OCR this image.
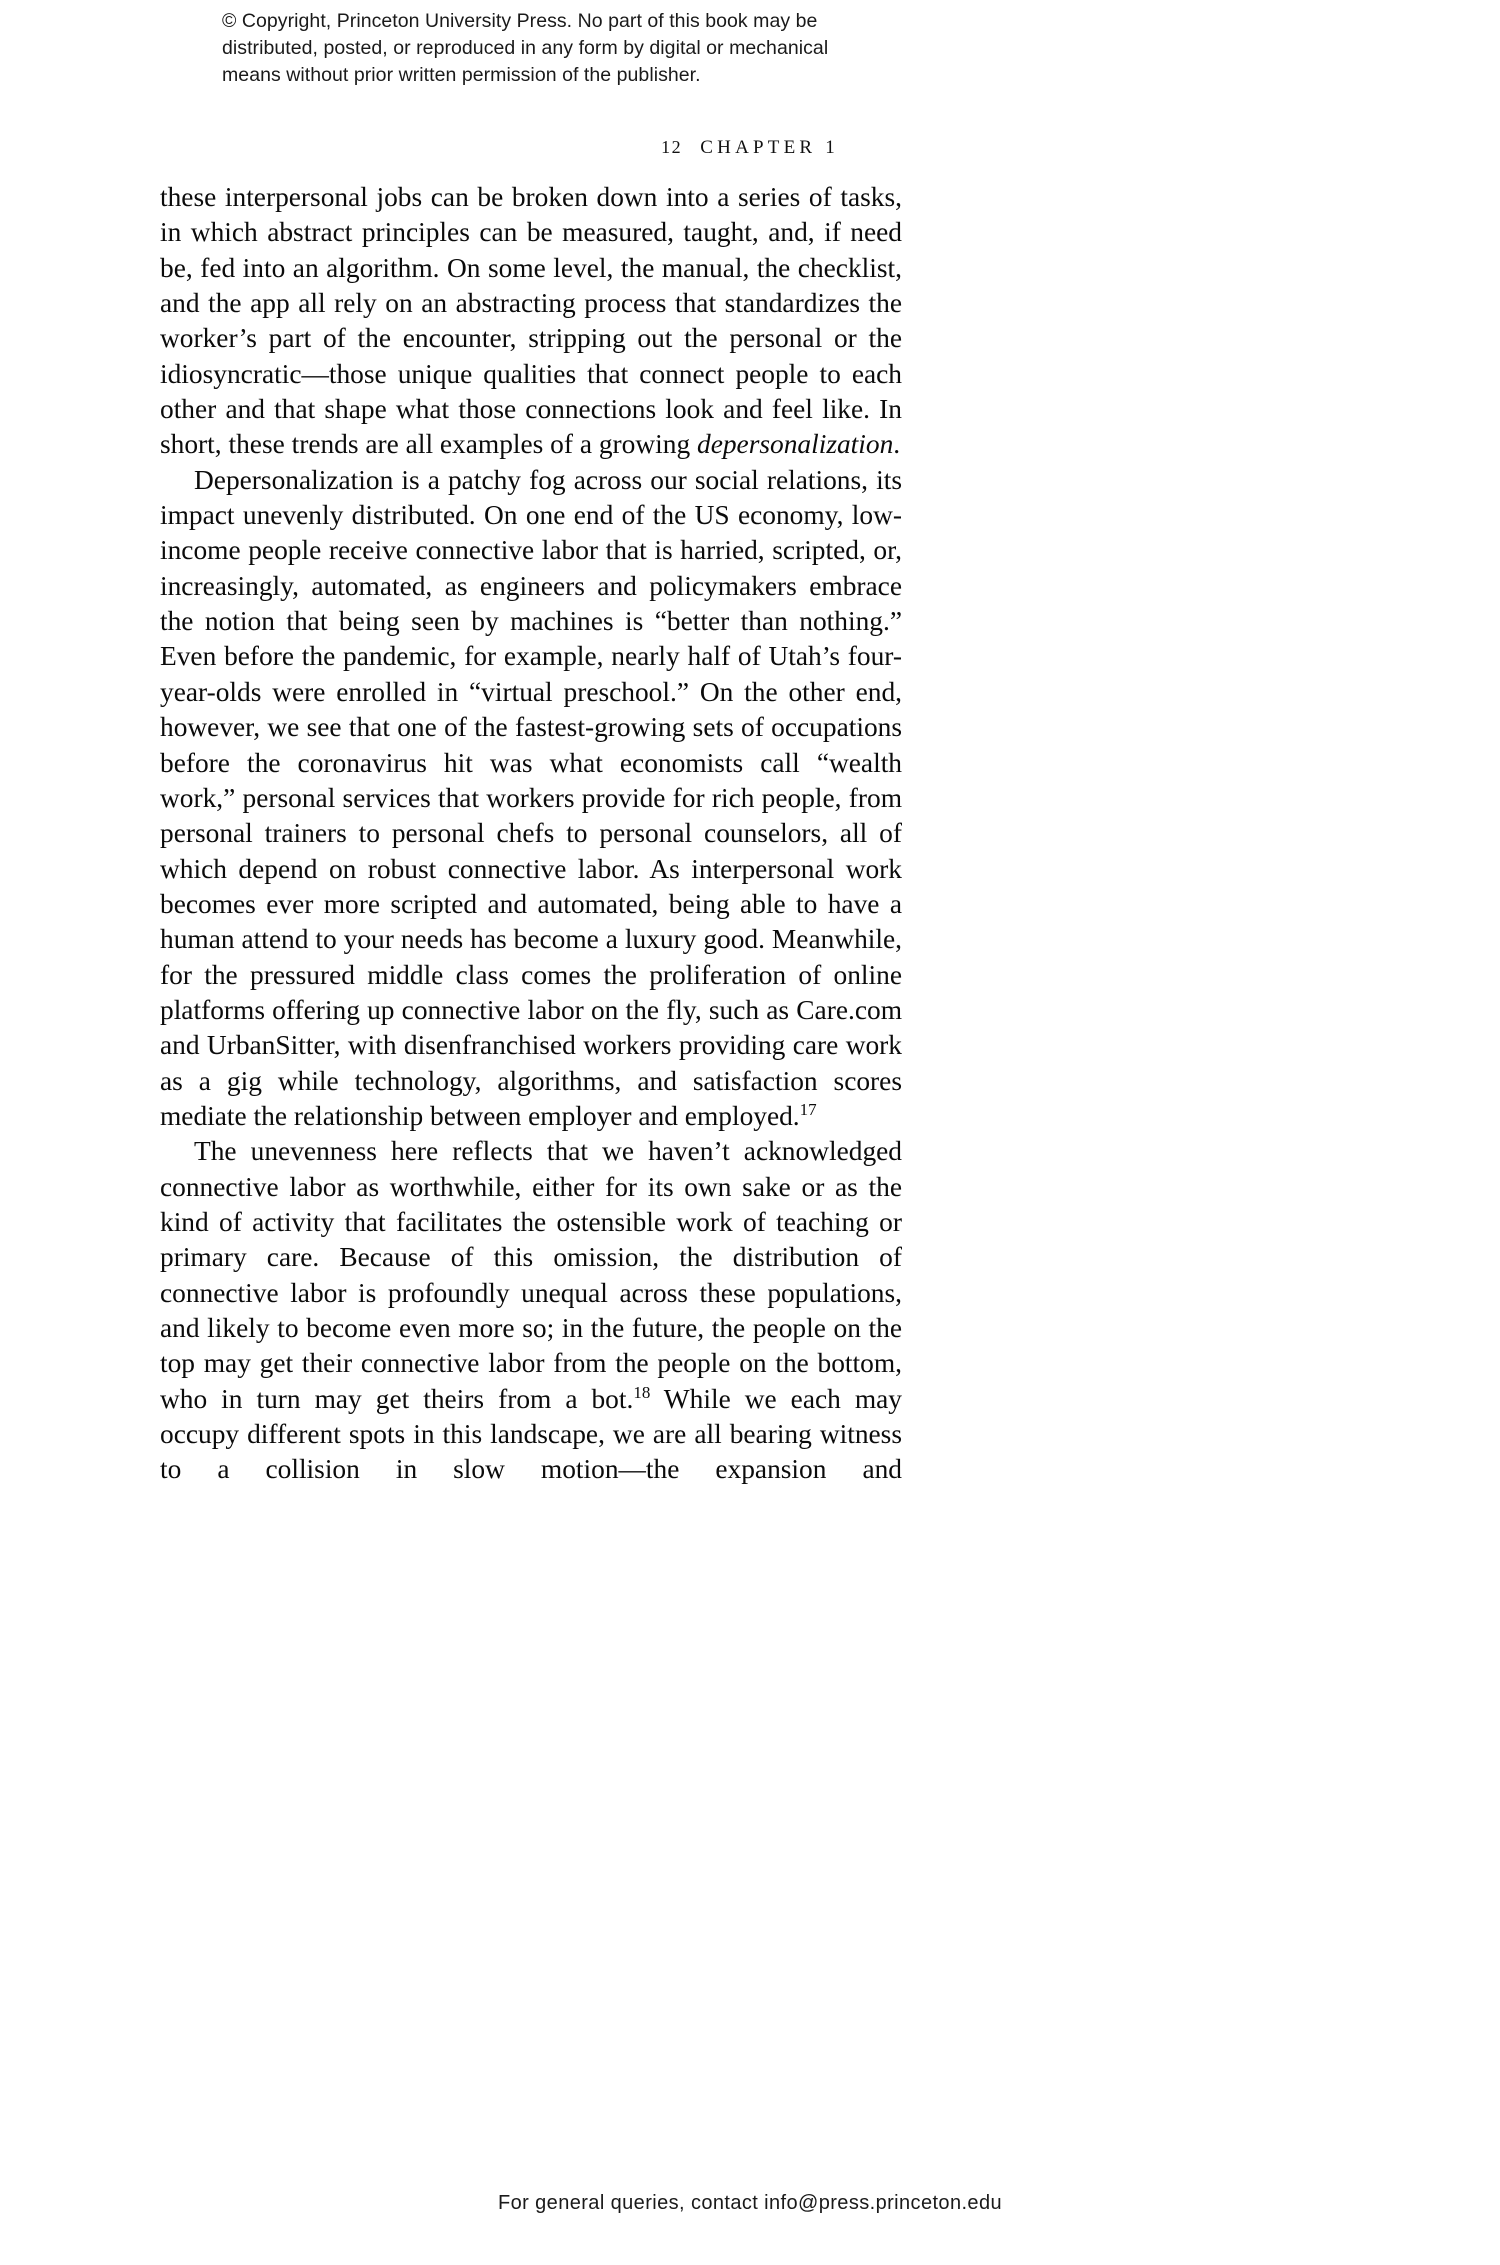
© Copyright, Princeton University Press. No part of this book may be
distributed, posted, or reproduced in any form by digital or mechanical
means without prior written permission of the publisher.
12 CHAPTER 1

these interpersonal jobs can be broken down into a series of tasks, in which abstract principles can be measured, taught, and, if need be, fed into an algorithm. On some level, the manual, the checklist, and the app all rely on an abstracting process that standardizes the worker’s part of the encounter, stripping out the personal or the idiosyncratic—those unique qualities that connect people to each other and that shape what those connections look and feel like. In short, these trends are all examples of a growing depersonalization.

Depersonalization is a patchy fog across our social relations, its impact unevenly distributed. On one end of the US economy, low-income people receive connective labor that is harried, scripted, or, increasingly, automated, as engineers and policymakers embrace the notion that being seen by machines is “better than nothing.” Even before the pandemic, for example, nearly half of Utah’s four-year-olds were enrolled in “virtual preschool.” On the other end, however, we see that one of the fastest-growing sets of occupations before the coronavirus hit was what economists call “wealth work,” personal services that workers provide for rich people, from personal trainers to personal chefs to personal counselors, all of which depend on robust connective labor. As interpersonal work becomes ever more scripted and automated, being able to have a human attend to your needs has become a luxury good. Meanwhile, for the pressured middle class comes the proliferation of online platforms offering up connective labor on the fly, such as Care.com and UrbanSitter, with disenfranchised workers providing care work as a gig while technology, algorithms, and satisfaction scores mediate the relationship between employer and employed.$^{17}$

The unevenness here reflects that we haven’t acknowledged connective labor as worthwhile, either for its own sake or as the kind of activity that facilitates the ostensible work of teaching or primary care. Because of this omission, the distribution of connective labor is profoundly unequal across these populations, and likely to become even more so; in the future, the people on the top may get their connective labor from the people on the bottom, who in turn may get theirs from a bot.$^{18}$ While we each may occupy different spots in this landscape, we are all bearing witness to a collision in slow motion—the expansion and

For general queries, contact info@press.princeton.edu
